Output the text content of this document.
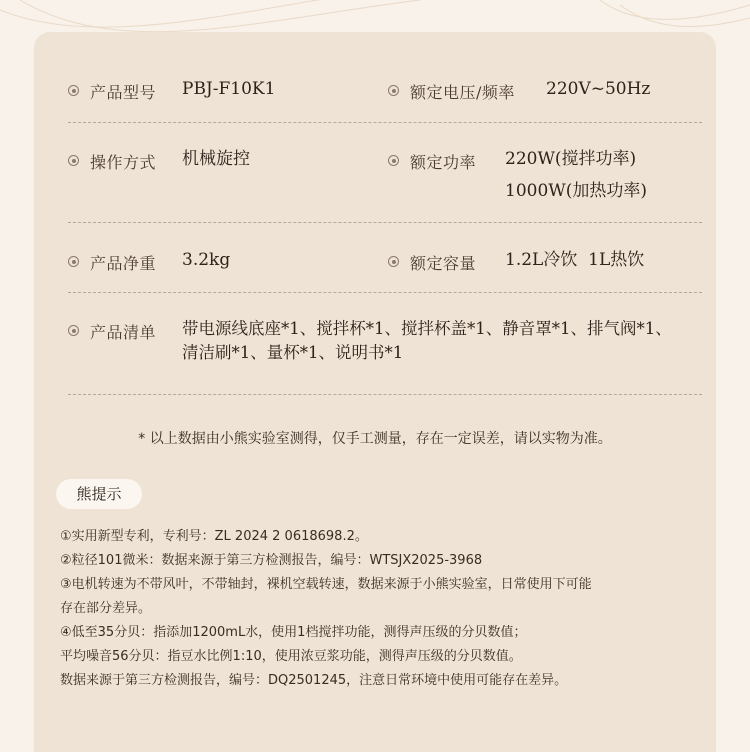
产品型号 PBJ-F10K1	额定电压/频率 220V~50Hz
操作方式 机械旋控	额定功率 220W(搅拌功率)
1000W(加热功率)
产品净重 3.2kg	额定容量 1.2L冷饮  1L热饮
产品清单 带电源线底座*1、搅拌杯*1、搅拌杯盖*1、静音罩*1、排气阀*1、
清洁刷*1、量杯*1、说明书*1
* 以上数据由小熊实验室测得，仅手工测量，存在一定误差，请以实物为准。
熊提示
①实用新型专利，专利号：ZL 2024 2 0618698.2。
②粒径101微米：数据来源于第三方检测报告，编号：WTSJX2025-3968
③电机转速为不带风叶，不带轴封，裸机空载转速，数据来源于小熊实验室，日常使用下可能
存在部分差异。
④低至35分贝：指添加1200mL水，使用1档搅拌功能，测得声压级的分贝数值；
平均噪音56分贝：指豆水比例1:10，使用浓豆浆功能，测得声压级的分贝数值。
数据来源于第三方检测报告，编号：DQ2501245，注意日常环境中使用可能存在差异。
